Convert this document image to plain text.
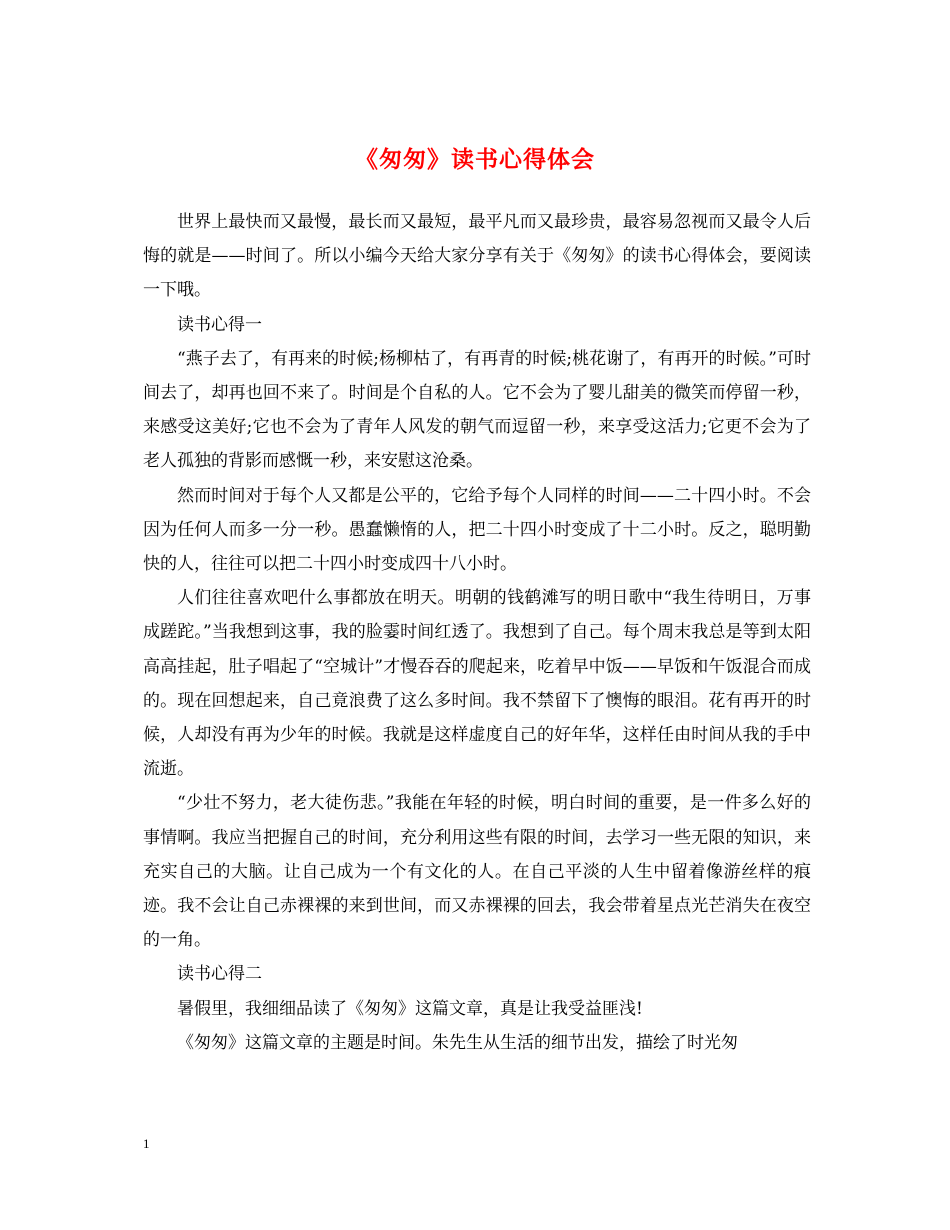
《匆匆》读书心得体会

世界上最快而又最慢，最长而又最短，最平凡而又最珍贵，最容易忽视而又最令人后悔的就是——时间了。所以小编今天给大家分享有关于《匆匆》的读书心得体会，要阅读一下哦。

读书心得一

“燕子去了，有再来的时候;杨柳枯了，有再青的时候;桃花谢了，有再开的时候。”可时间去了，却再也回不来了。时间是个自私的人。它不会为了婴儿甜美的微笑而停留一秒，来感受这美好;它也不会为了青年人风发的朝气而逗留一秒，来享受这活力;它更不会为了老人孤独的背影而感慨一秒，来安慰这沧桑。

然而时间对于每个人又都是公平的，它给予每个人同样的时间——二十四小时。不会因为任何人而多一分一秒。愚蠢懒惰的人，把二十四小时变成了十二小时。反之，聪明勤快的人，往往可以把二十四小时变成四十八小时。

人们往往喜欢吧什么事都放在明天。明朝的钱鹤滩写的明日歌中“我生待明日，万事成蹉跎。”当我想到这事，我的脸霎时间红透了。我想到了自己。每个周末我总是等到太阳高高挂起，肚子唱起了“空城计”才慢吞吞的爬起来，吃着早中饭——早饭和午饭混合而成的。现在回想起来，自己竟浪费了这么多时间。我不禁留下了懊悔的眼泪。花有再开的时候，人却没有再为少年的时候。我就是这样虚度自己的好年华，这样任由时间从我的手中流逝。

“少壮不努力，老大徒伤悲。”我能在年轻的时候，明白时间的重要，是一件多么好的事情啊。我应当把握自己的时间，充分利用这些有限的时间，去学习一些无限的知识，来充实自己的大脑。让自己成为一个有文化的人。在自己平淡的人生中留着像游丝样的痕迹。我不会让自己赤裸裸的来到世间，而又赤裸裸的回去，我会带着星点光芒消失在夜空的一角。

读书心得二

暑假里，我细细品读了《匆匆》这篇文章，真是让我受益匪浅!

《匆匆》这篇文章的主题是时间。朱先生从生活的细节出发，描绘了时光匆

1
